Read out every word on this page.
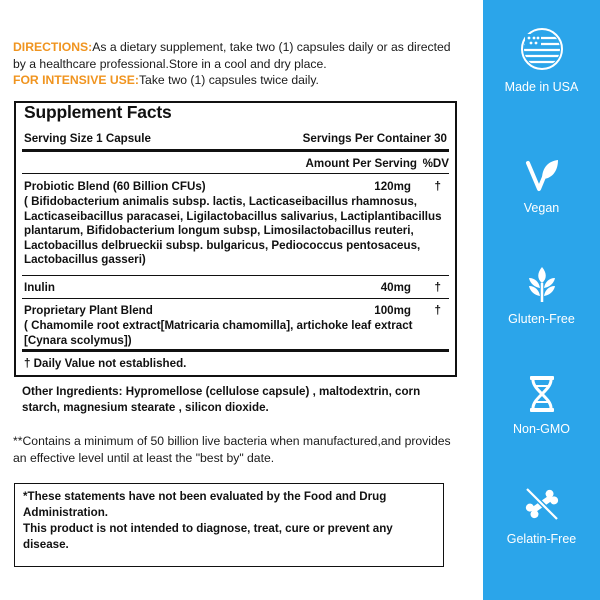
DIRECTIONS:As a dietary supplement, take two (1) capsules daily or as directed by a healthcare professional.Store in a cool and dry place.
FOR INTENSIVE USE:Take two (1) capsules twice daily.
Supplement Facts
Serving Size 1 Capsule	Servings Per Container 30
Amount Per Serving %DV
Probiotic Blend (60 Billion CFUs)	120mg †
( Bifidobacterium animalis subsp. lactis, Lacticaseibacillus rhamnosus, Lacticaseibacillus paracasei, Ligilactobacillus salivarius, Lactiplantibacillus plantarum, Bifidobacterium longum subsp, Limosilactobacillus reuteri, Lactobacillus delbrueckii subsp. bulgaricus, Pediococcus pentosaceus, Lactobacillus gasseri)
Inulin	40mg †
Proprietary Plant Blend	100mg †
( Chamomile root extract[Matricaria chamomilla], artichoke leaf extract [Cynara scolymus])
† Daily Value not established.
Other Ingredients: Hypromellose (cellulose capsule) , maltodextrin, corn starch, magnesium stearate , silicon dioxide.
**Contains a minimum of 50 billion live bacteria when manufactured,and provides an effective level until at least the "best by" date.
*These statements have not been evaluated by the Food and Drug Administration.
This product is not intended to diagnose, treat, cure or prevent any disease.
Made in USA
Vegan
Gluten-Free
Non-GMO
Gelatin-Free
